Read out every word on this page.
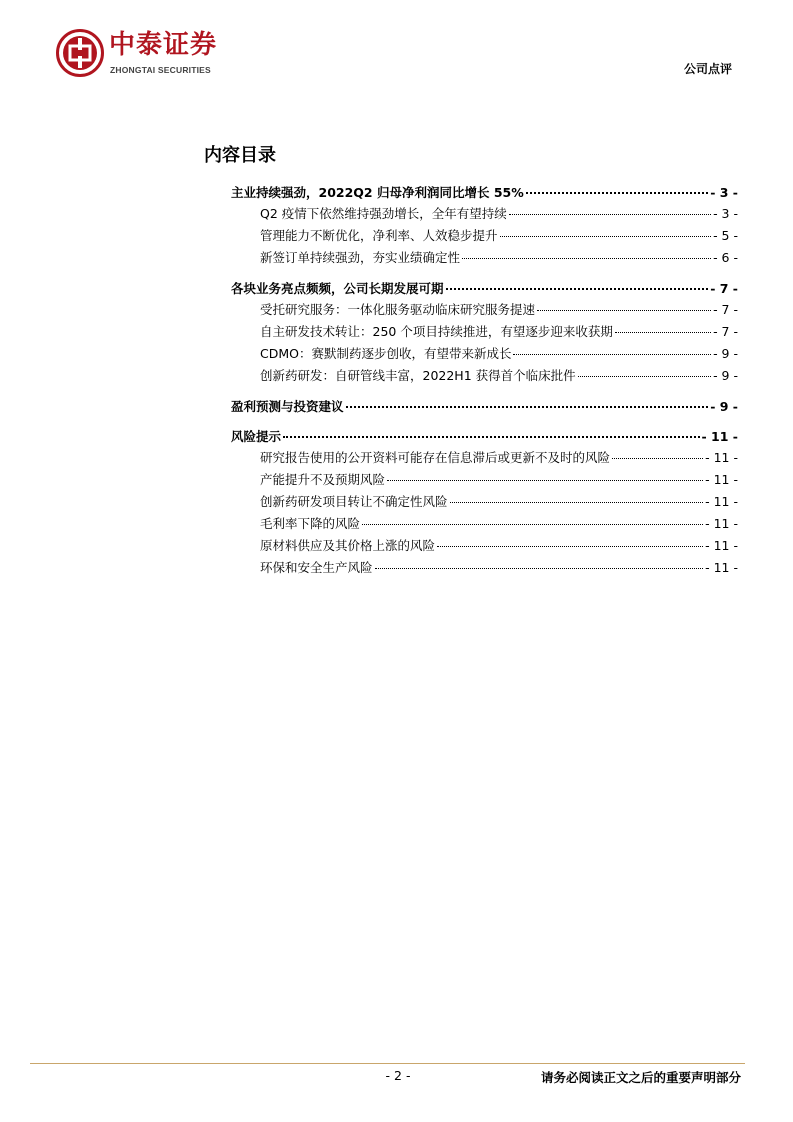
中泰证券
ZHONGTAI SECURITIES	公司点评
内容目录
主业持续强劲，2022Q2 归母净利润同比增长 55%	- 3 -
Q2 疫情下依然维持强劲增长，全年有望持续	- 3 -
管理能力不断优化，净利率、人效稳步提升	- 5 -
新签订单持续强劲，夯实业绩确定性	- 6 -
各块业务亮点频频，公司长期发展可期	- 7 -
受托研究服务：一体化服务驱动临床研究服务提速	- 7 -
自主研发技术转让：250 个项目持续推进，有望逐步迎来收获期	- 7 -
CDMO：赛默制药逐步创收，有望带来新成长	- 9 -
创新药研发：自研管线丰富，2022H1 获得首个临床批件	- 9 -
盈利预测与投资建议	- 9 -
风险提示	- 11 -
研究报告使用的公开资料可能存在信息滞后或更新不及时的风险	- 11 -
产能提升不及预期风险	- 11 -
创新药研发项目转让不确定性风险	- 11 -
毛利率下降的风险	- 11 -
原材料供应及其价格上涨的风险	- 11 -
环保和安全生产风险	- 11 -
- 2 -	请务必阅读正文之后的重要声明部分
